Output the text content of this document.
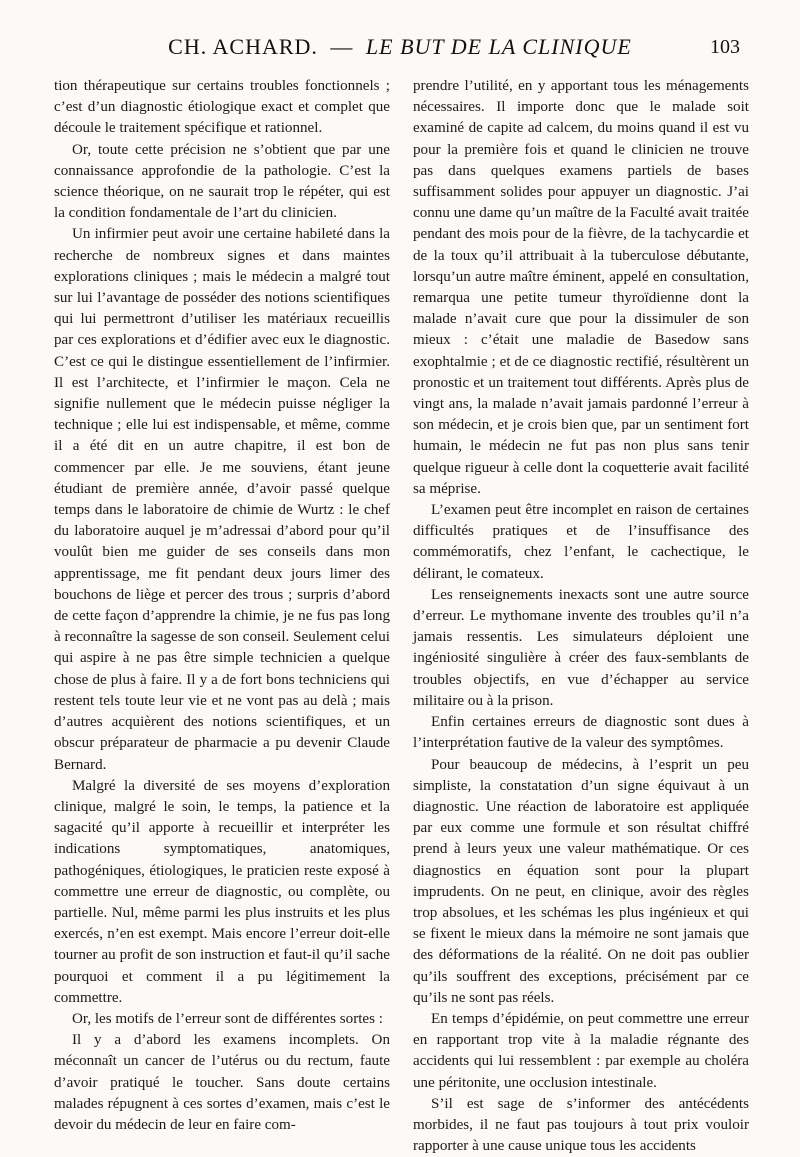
CH. ACHARD. — LE BUT DE LA CLINIQUE	103

tion thérapeutique sur certains troubles fonctionnels ; c’est d’un diagnostic étiologique exact et complet que découle le traitement spécifique et rationnel.

Or, toute cette précision ne s’obtient que par une connaissance approfondie de la pathologie. C’est la science théorique, on ne saurait trop le répéter, qui est la condition fondamentale de l’art du clinicien.

Un infirmier peut avoir une certaine habileté dans la recherche de nombreux signes et dans maintes explorations cliniques ; mais le médecin a malgré tout sur lui l’avantage de posséder des notions scientifiques qui lui permettront d’utiliser les matériaux recueillis par ces explorations et d’édifier avec eux le diagnostic. C’est ce qui le distingue essentiellement de l’infirmier. Il est l’architecte, et l’infirmier le maçon. Cela ne signifie nullement que le médecin puisse négliger la technique ; elle lui est indispensable, et même, comme il a été dit en un autre chapitre, il est bon de commencer par elle. Je me souviens, étant jeune étudiant de première année, d’avoir passé quelque temps dans le laboratoire de chimie de Wurtz : le chef du laboratoire auquel je m’adressai d’abord pour qu’il voulût bien me guider de ses conseils dans mon apprentissage, me fit pendant deux jours limer des bouchons de liège et percer des trous ; surpris d’abord de cette façon d’apprendre la chimie, je ne fus pas long à reconnaître la sagesse de son conseil. Seulement celui qui aspire à ne pas être simple technicien a quelque chose de plus à faire. Il y a de fort bons techniciens qui restent tels toute leur vie et ne vont pas au delà ; mais d’autres acquièrent des notions scientifiques, et un obscur préparateur de pharmacie a pu devenir Claude Bernard.

Malgré la diversité de ses moyens d’exploration clinique, malgré le soin, le temps, la patience et la sagacité qu’il apporte à recueillir et interpréter les indications symptomatiques, anatomiques, pathogéniques, étiologiques, le praticien reste exposé à commettre une erreur de diagnostic, ou complète, ou partielle. Nul, même parmi les plus instruits et les plus exercés, n’en est exempt. Mais encore l’erreur doit-elle tourner au profit de son instruction et faut-il qu’il sache pourquoi et comment il a pu légitimement la commettre.

Or, les motifs de l’erreur sont de différentes sortes :

Il y a d’abord les examens incomplets. On méconnaît un cancer de l’utérus ou du rectum, faute d’avoir pratiqué le toucher. Sans doute certains malades répugnent à ces sortes d’examen, mais c’est le devoir du médecin de leur en faire com-

prendre l’utilité, en y apportant tous les ménagements nécessaires. Il importe donc que le malade soit examiné de capite ad calcem, du moins quand il est vu pour la première fois et quand le clinicien ne trouve pas dans quelques examens partiels de bases suffisamment solides pour appuyer un diagnostic. J’ai connu une dame qu’un maître de la Faculté avait traitée pendant des mois pour de la fièvre, de la tachycardie et de la toux qu’il attribuait à la tuberculose débutante, lorsqu’un autre maître éminent, appelé en consultation, remarqua une petite tumeur thyroïdienne dont la malade n’avait cure que pour la dissimuler de son mieux : c’était une maladie de Basedow sans exophtalmie ; et de ce diagnostic rectifié, résultèrent un pronostic et un traitement tout différents. Après plus de vingt ans, la malade n’avait jamais pardonné l’erreur à son médecin, et je crois bien que, par un sentiment fort humain, le médecin ne fut pas non plus sans tenir quelque rigueur à celle dont la coquetterie avait facilité sa méprise.

L’examen peut être incomplet en raison de certaines difficultés pratiques et de l’insuffisance des commémoratifs, chez l’enfant, le cachectique, le délirant, le comateux.

Les renseignements inexacts sont une autre source d’erreur. Le mythomane invente des troubles qu’il n’a jamais ressentis. Les simulateurs déploient une ingéniosité singulière à créer des faux-semblants de troubles objectifs, en vue d’échapper au service militaire ou à la prison.

Enfin certaines erreurs de diagnostic sont dues à l’interprétation fautive de la valeur des symptômes.

Pour beaucoup de médecins, à l’esprit un peu simpliste, la constatation d’un signe équivaut à un diagnostic. Une réaction de laboratoire est appliquée par eux comme une formule et son résultat chiffré prend à leurs yeux une valeur mathématique. Or ces diagnostics en équation sont pour la plupart imprudents. On ne peut, en clinique, avoir des règles trop absolues, et les schémas les plus ingénieux et qui se fixent le mieux dans la mémoire ne sont jamais que des déformations de la réalité. On ne doit pas oublier qu’ils souffrent des exceptions, précisément par ce qu’ils ne sont pas réels.

En temps d’épidémie, on peut commettre une erreur en rapportant trop vite à la maladie régnante des accidents qui lui ressemblent : par exemple au choléra une péritonite, une occlusion intestinale.

S’il est sage de s’informer des antécédents morbides, il ne faut pas toujours à tout prix vouloir rapporter à une cause unique tous les accidents
